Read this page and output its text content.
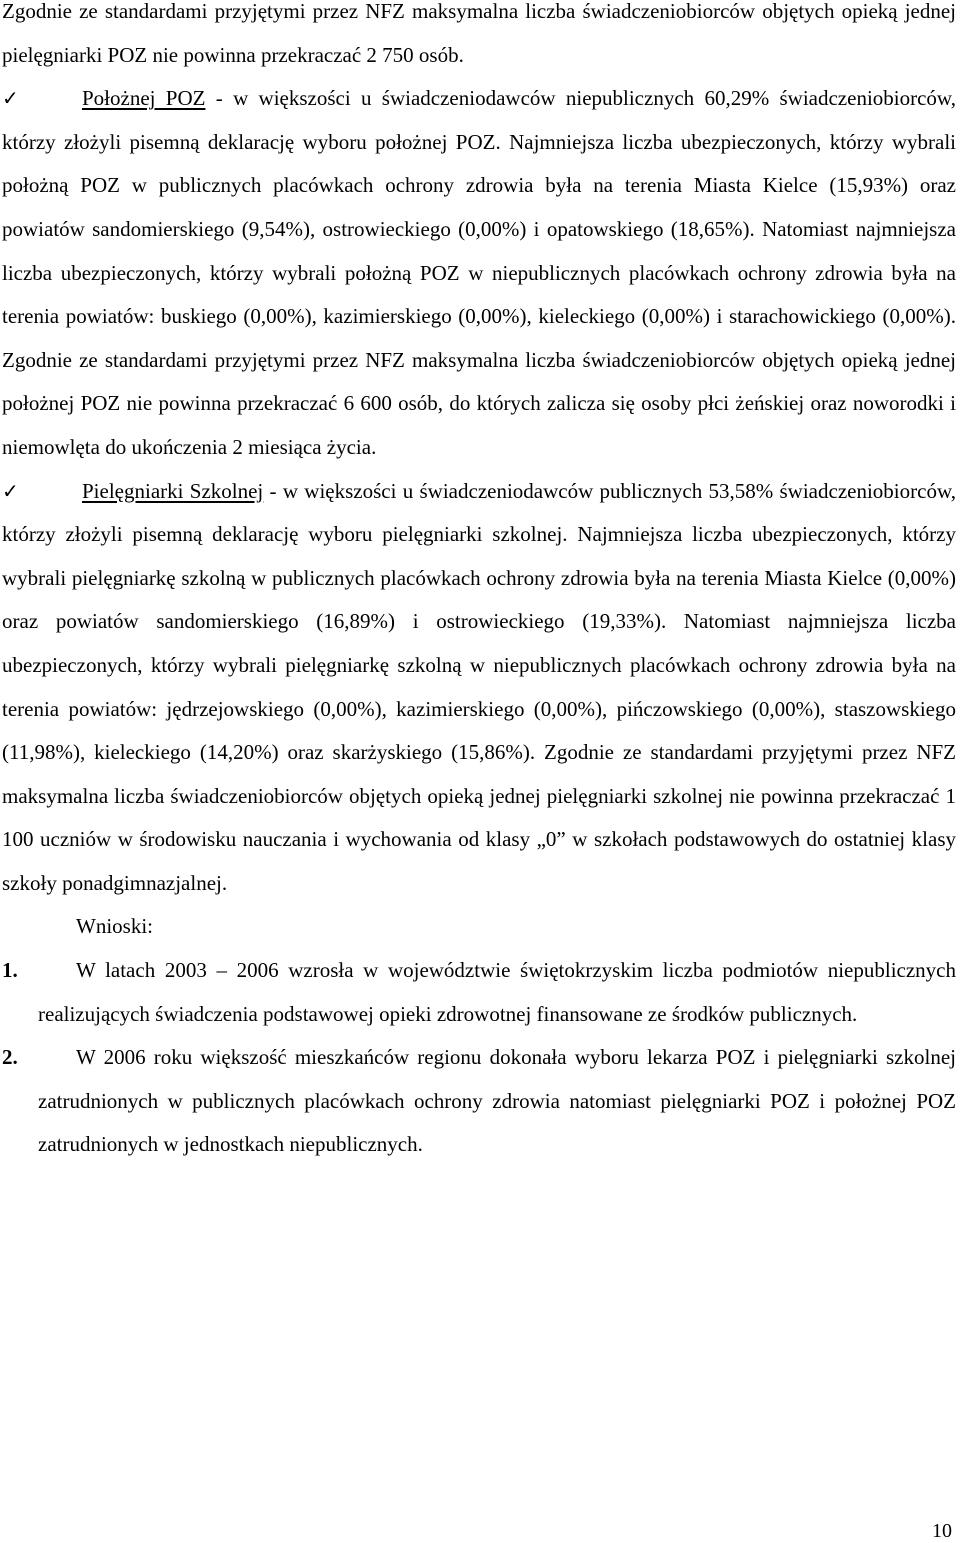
Zgodnie ze standardami przyjętymi przez NFZ maksymalna liczba świadczeniobiorców objętych opieką jednej pielęgniarki POZ nie powinna przekraczać 2 750 osób.

✓	Położnej POZ - w większości u świadczeniodawców niepublicznych 60,29% świadczeniobiorców, którzy złożyli pisemną deklarację wyboru położnej POZ. Najmniejsza liczba ubezpieczonych, którzy wybrali położną POZ w publicznych placówkach ochrony zdrowia była na terenia Miasta Kielce (15,93%) oraz powiatów sandomierskiego (9,54%), ostrowieckiego (0,00%) i opatowskiego (18,65%). Natomiast najmniejsza liczba ubezpieczonych, którzy wybrali położną POZ w niepublicznych placówkach ochrony zdrowia była na terenia powiatów: buskiego (0,00%), kazimierskiego (0,00%), kieleckiego (0,00%) i starachowickiego (0,00%). Zgodnie ze standardami przyjętymi przez NFZ maksymalna liczba świadczeniobiorców objętych opieką jednej położnej POZ nie powinna przekraczać 6 600 osób, do których zalicza się osoby płci żeńskiej oraz noworodki i niemowlęta do ukończenia 2 miesiąca życia.

✓	Pielęgniarki Szkolnej - w większości u świadczeniodawców publicznych 53,58% świadczeniobiorców, którzy złożyli pisemną deklarację wyboru pielęgniarki szkolnej. Najmniejsza liczba ubezpieczonych, którzy wybrali pielęgniarkę szkolną w publicznych placówkach ochrony zdrowia była na terenia Miasta Kielce (0,00%) oraz powiatów sandomierskiego (16,89%) i ostrowieckiego (19,33%). Natomiast najmniejsza liczba ubezpieczonych, którzy wybrali pielęgniarkę szkolną w niepublicznych placówkach ochrony zdrowia była na terenia powiatów: jędrzejowskiego (0,00%), kazimierskiego (0,00%), pińczowskiego (0,00%), staszowskiego (11,98%), kieleckiego (14,20%) oraz skarżyskiego (15,86%). Zgodnie ze standardami przyjętymi przez NFZ maksymalna liczba świadczeniobiorców objętych opieką jednej pielęgniarki szkolnej nie powinna przekraczać 1 100 uczniów w środowisku nauczania i wychowania od klasy „0” w szkołach podstawowych do ostatniej klasy szkoły ponadgimnazjalnej.

Wnioski:

1.	W latach 2003 – 2006 wzrosła w województwie świętokrzyskim liczba podmiotów niepublicznych realizujących świadczenia podstawowej opieki zdrowotnej finansowane ze środków publicznych.

2.	W 2006 roku większość mieszkańców regionu dokonała wyboru lekarza POZ i pielęgniarki szkolnej zatrudnionych w publicznych placówkach ochrony zdrowia natomiast pielęgniarki POZ i położnej POZ zatrudnionych w jednostkach niepublicznych.

10
